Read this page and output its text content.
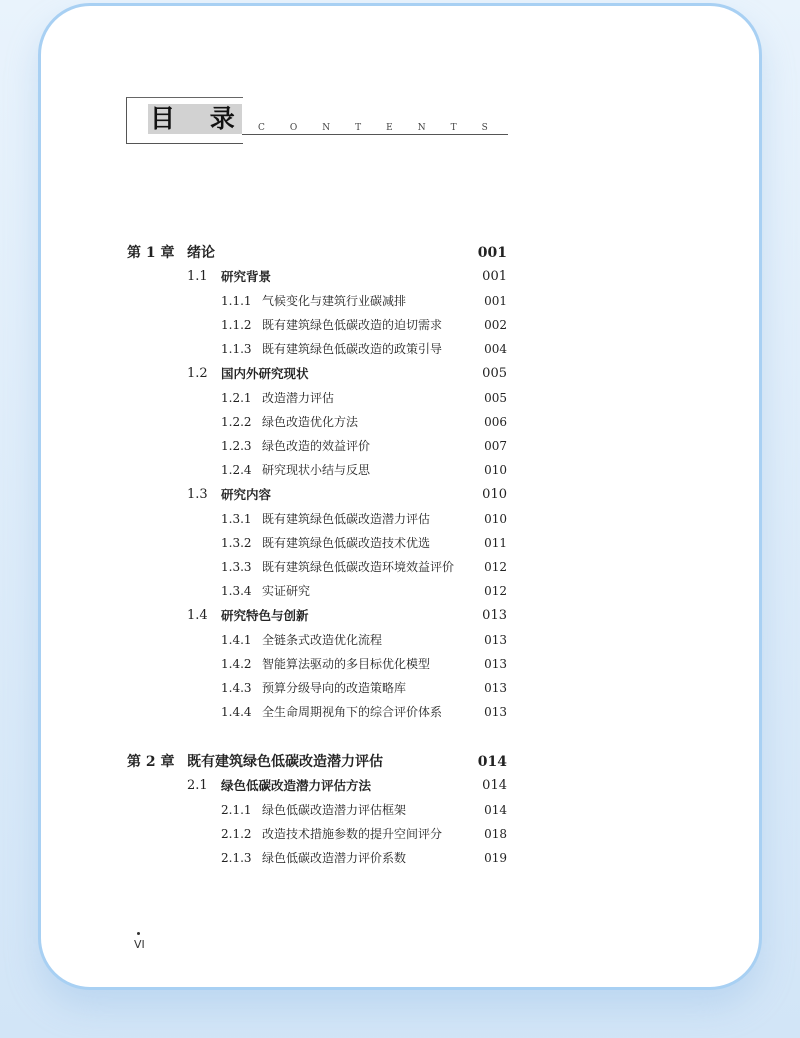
目 录 CONTENTS
第 1 章 绪论	001
1.1 研究背景	001
1.1.1 气候变化与建筑行业碳减排	001
1.1.2 既有建筑绿色低碳改造的迫切需求	002
1.1.3 既有建筑绿色低碳改造的政策引导	004
1.2 国内外研究现状	005
1.2.1 改造潜力评估	005
1.2.2 绿色改造优化方法	006
1.2.3 绿色改造的效益评价	007
1.2.4 研究现状小结与反思	010
1.3 研究内容	010
1.3.1 既有建筑绿色低碳改造潜力评估	010
1.3.2 既有建筑绿色低碳改造技术优选	011
1.3.3 既有建筑绿色低碳改造环境效益评价	012
1.3.4 实证研究	012
1.4 研究特色与创新	013
1.4.1 全链条式改造优化流程	013
1.4.2 智能算法驱动的多目标优化模型	013
1.4.3 预算分级导向的改造策略库	013
1.4.4 全生命周期视角下的综合评价体系	013
第 2 章 既有建筑绿色低碳改造潜力评估	014
2.1 绿色低碳改造潜力评估方法	014
2.1.1 绿色低碳改造潜力评估框架	014
2.1.2 改造技术措施参数的提升空间评分	018
2.1.3 绿色低碳改造潜力评价系数	019
VI
